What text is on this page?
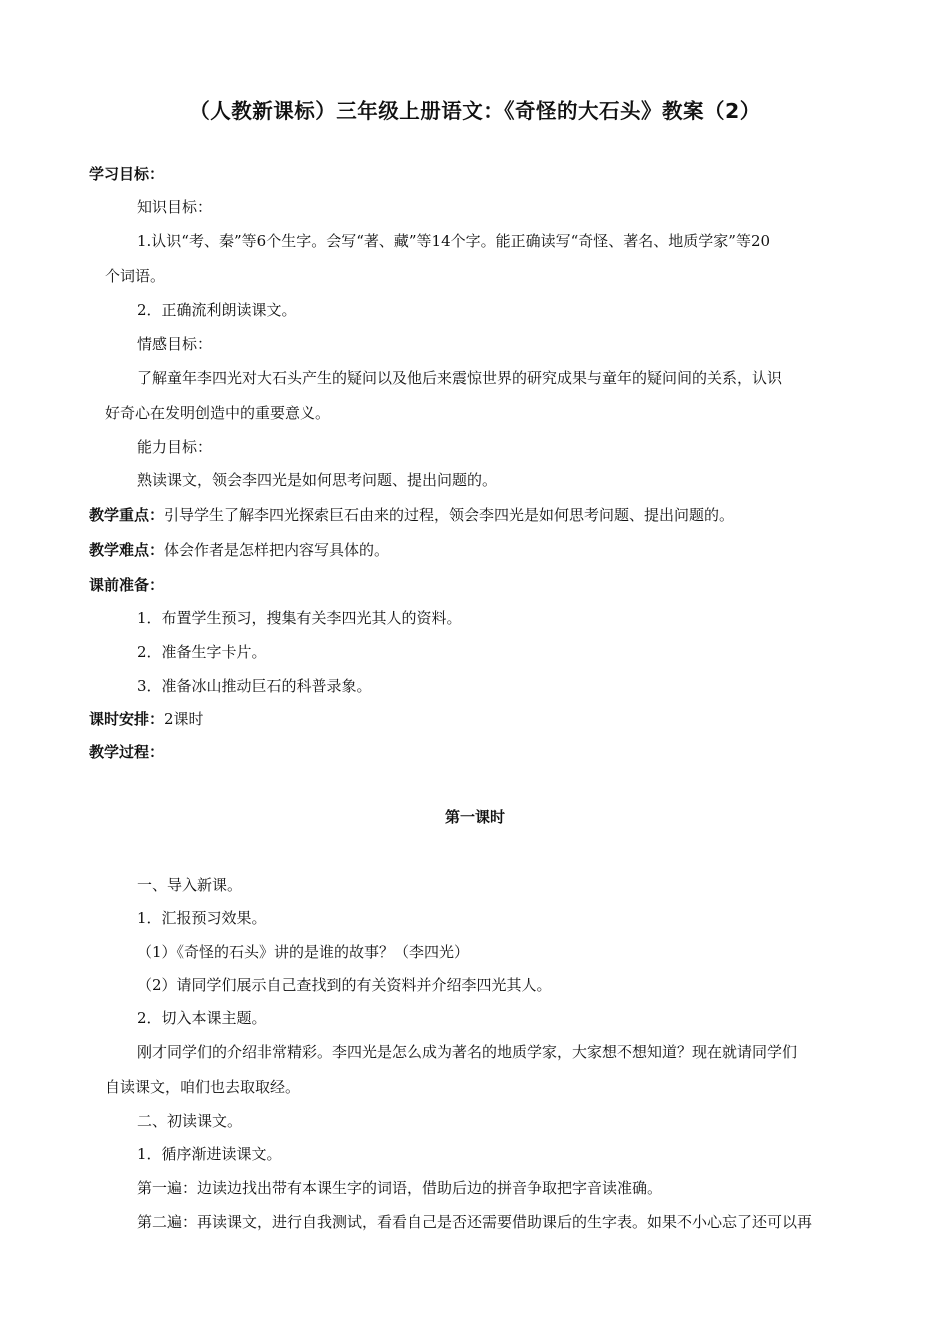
（人教新课标）三年级上册语文：《奇怪的大石头》教案（2）
学习目标：
知识目标：
1.认识“考、秦”等6个生字。会写“著、藏”等14个字。能正确读写“奇怪、著名、地质学家”等20
个词语。
2．正确流利朗读课文。
情感目标：
了解童年李四光对大石头产生的疑问以及他后来震惊世界的研究成果与童年的疑问间的关系，认识
好奇心在发明创造中的重要意义。
能力目标：
熟读课文，领会李四光是如何思考问题、提出问题的。
教学重点：引导学生了解李四光探索巨石由来的过程，领会李四光是如何思考问题、提出问题的。
教学难点：体会作者是怎样把内容写具体的。
课前准备：
1．布置学生预习，搜集有关李四光其人的资料。
2．准备生字卡片。
3．准备冰山推动巨石的科普录象。
课时安排：2课时
教学过程：
第一课时
一、导入新课。
1．汇报预习效果。
（1）《奇怪的石头》讲的是谁的故事？（李四光）
（2）请同学们展示自己查找到的有关资料并介绍李四光其人。
2．切入本课主题。
刚才同学们的介绍非常精彩。李四光是怎么成为著名的地质学家，大家想不想知道？现在就请同学们
自读课文，咱们也去取取经。
二、初读课文。
1．循序渐进读课文。
第一遍：边读边找出带有本课生字的词语，借助后边的拼音争取把字音读准确。
第二遍：再读课文，进行自我测试，看看自己是否还需要借助课后的生字表。如果不小心忘了还可以再
